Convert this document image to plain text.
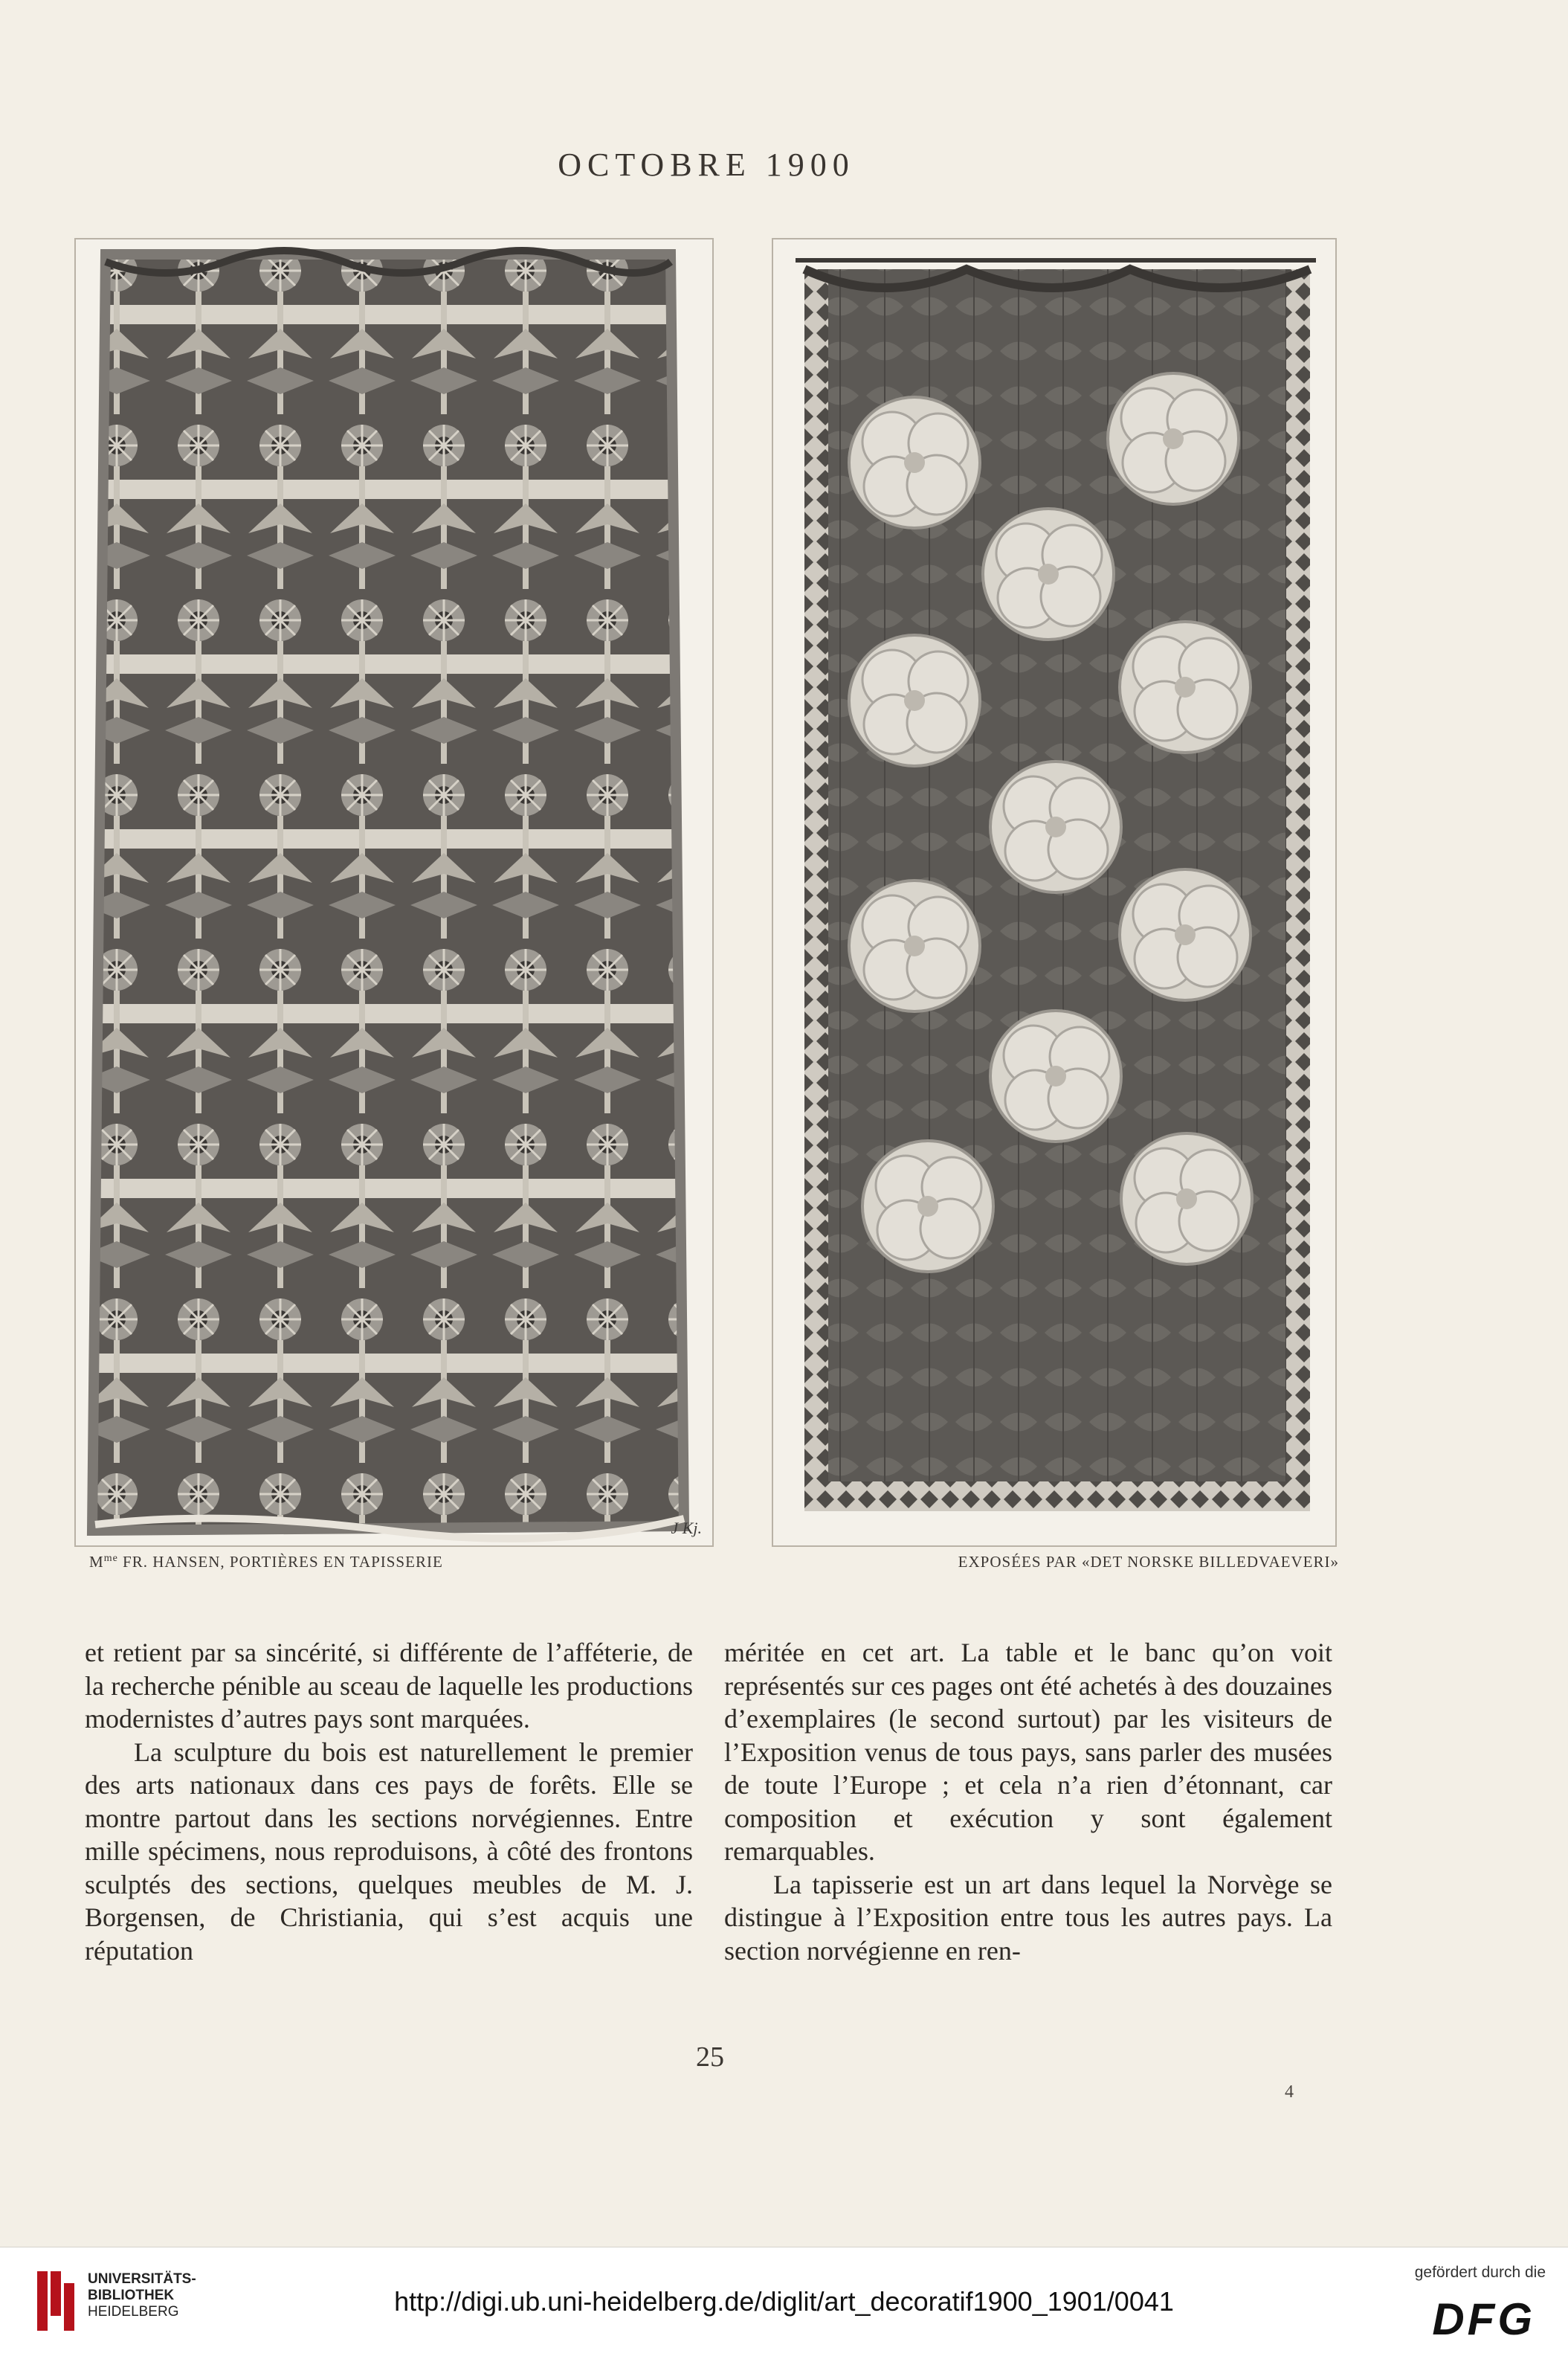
OCTOBRE 1900
J Kj.
$M^{me}$ FR. HANSEN, PORTIÈRES EN TAPISSERIE	EXPOSÉES PAR «DET NORSKE BILLEDVAEVERI»

et retient par sa sincérité, si différente de l’afféterie, de la recherche pénible au sceau de laquelle les productions modernistes d’autres pays sont marquées.

La sculpture du bois est naturellement le premier des arts nationaux dans ces pays de forêts. Elle se montre partout dans les sections norvégiennes. Entre mille spécimens, nous reproduisons, à côté des frontons sculptés des sections, quelques meubles de M. J. Borgensen, de Christiania, qui s’est acquis une réputation

méritée en cet art. La table et le banc qu’on voit représentés sur ces pages ont été achetés à des douzaines d’exemplaires (le second surtout) par les visiteurs de l’Exposition venus de tous pays, sans parler des musées de toute l’Europe ; et cela n’a rien d’étonnant, car composition et exécution y sont également remarquables.

La tapisserie est un art dans lequel la Norvège se distingue à l’Exposition entre tous les autres pays. La section norvégienne en ren-

25
4
UNIVERSITÄTS-
BIBLIOTHEK
HEIDELBERG	http://digi.ub.uni-heidelberg.de/diglit/art_decoratif1900_1901/0041
gefördert durch die
DFG
